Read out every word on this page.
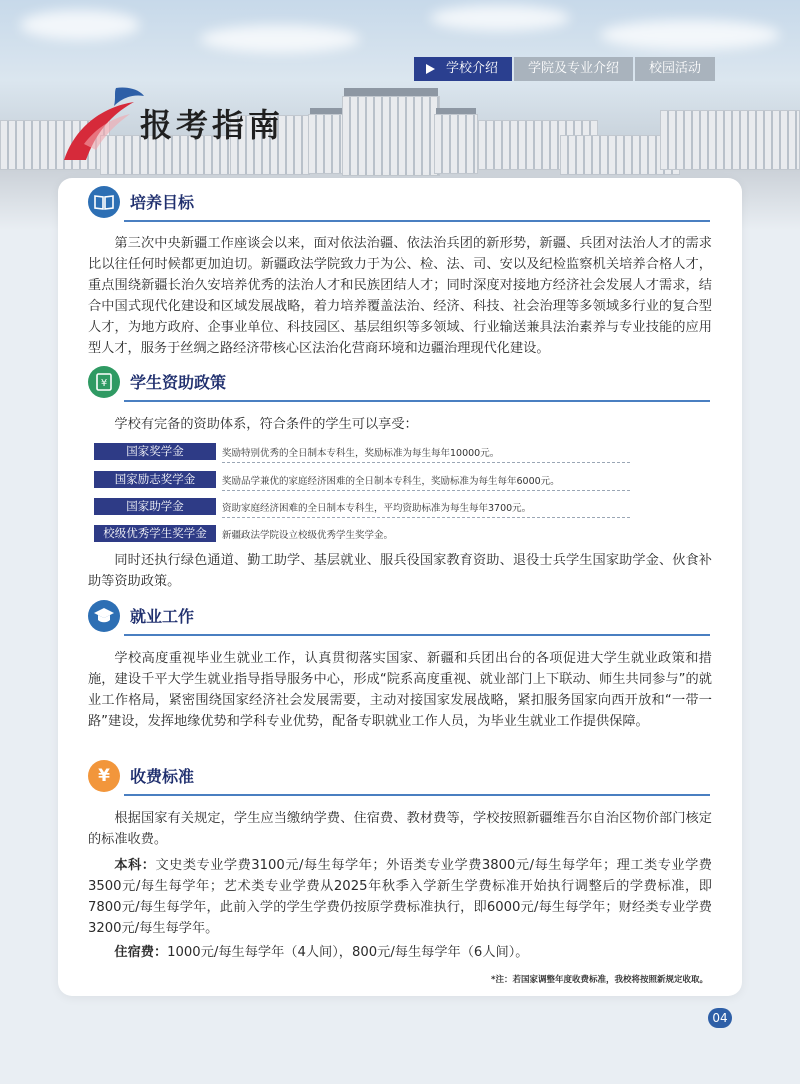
学校介绍	学院及专业介绍	校园活动
报考指南
培养目标
第三次中央新疆工作座谈会以来，面对依法治疆、依法治兵团的新形势，新疆、兵团对法治人才的需求比以往任何时候都更加迫切。新疆政法学院致力于为公、检、法、司、安以及纪检监察机关培养合格人才，重点围绕新疆长治久安培养优秀的法治人才和民族团结人才；同时深度对接地方经济社会发展人才需求，结合中国式现代化建设和区域发展战略，着力培养覆盖法治、经济、科技、社会治理等多领域多行业的复合型人才，为地方政府、企事业单位、科技园区、基层组织等多领域、行业输送兼具法治素养与专业技能的应用型人才，服务于丝绸之路经济带核心区法治化营商环境和边疆治理现代化建设。
¥ 学生资助政策
学校有完备的资助体系，符合条件的学生可以享受：
国家奖学金	奖励特别优秀的全日制本专科生，奖励标准为每生每年10000元。
国家励志奖学金	奖励品学兼优的家庭经济困难的全日制本专科生，奖励标准为每生每年6000元。
国家助学金	资助家庭经济困难的全日制本专科生，平均资助标准为每生每年3700元。
校级优秀学生奖学金	新疆政法学院设立校级优秀学生奖学金。
同时还执行绿色通道、勤工助学、基层就业、服兵役国家教育资助、退役士兵学生国家助学金、伙食补助等资助政策。
就业工作
学校高度重视毕业生就业工作，认真贯彻落实国家、新疆和兵团出台的各项促进大学生就业政策和措施，建设千平大学生就业指导指导服务中心，形成“院系高度重视、就业部门上下联动、师生共同参与”的就业工作格局，紧密围绕国家经济社会发展需要，主动对接国家发展战略，紧扣服务国家向西开放和“一带一路”建设，发挥地缘优势和学科专业优势，配备专职就业工作人员，为毕业生就业工作提供保障。
¥ 收费标准
根据国家有关规定，学生应当缴纳学费、住宿费、教材费等，学校按照新疆维吾尔自治区物价部门核定的标准收费。
本科：文史类专业学费3100元/每生每学年；外语类专业学费3800元/每生每学年；理工类专业学费3500元/每生每学年；艺术类专业学费从2025年秋季入学新生学费标准开始执行调整后的学费标准，即7800元/每生每学年，此前入学的学生学费仍按原学费标准执行，即6000元/每生每学年；财经类专业学费3200元/每生每学年。
住宿费：1000元/每生每学年（4人间），800元/每生每学年（6人间）。
*注：若国家调整年度收费标准，我校将按照新规定收取。
04
